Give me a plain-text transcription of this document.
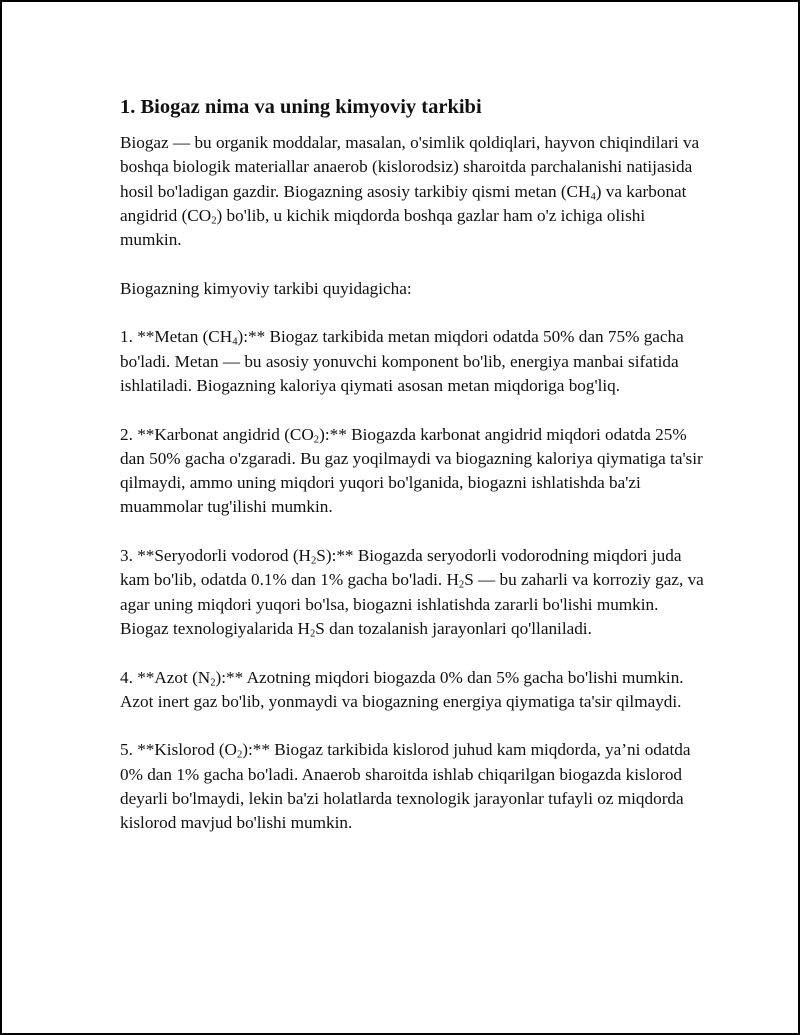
1. Biogaz nima va uning kimyoviy tarkibi

Biogaz — bu organik moddalar, masalan, o'simlik qoldiqlari, hayvon chiqindilari va boshqa biologik materiallar anaerob (kislorodsiz) sharoitda parchalanishi natijasida hosil bo'ladigan gazdir. Biogazning asosiy tarkibiy qismi metan $(CH_4)$ va karbonat angidrid $(CO_2)$ bo'lib, u kichik miqdorda boshqa gazlar ham o'z ichiga olishi mumkin.

Biogazning kimyoviy tarkibi quyidagicha:

1. **Metan $(CH_4):**$ Biogaz tarkibida metan miqdori odatda 50% dan 75% gacha bo'ladi. Metan — bu asosiy yonuvchi komponent bo'lib, energiya manbai sifatida ishlatiladi. Biogazning kaloriya qiymati asosan metan miqdoriga bog'liq.

2. **Karbonat angidrid $(CO_2):**$ Biogazda karbonat angidrid miqdori odatda 25% dan 50% gacha o'zgaradi. Bu gaz yoqilmaydi va biogazning kaloriya qiymatiga ta'sir qilmaydi, ammo uning miqdori yuqori bo'lganida, biogazni ishlatishda ba'zi muammolar tug'ilishi mumkin.

3. **Seryodorli vodorod $(H_2S):**$ Biogazda seryodorli vodorodning miqdori juda kam bo'lib, odatda 0.1% dan 1% gacha bo'ladi. $H_2S$ — bu zaharli va korroziy gaz, va agar uning miqdori yuqori bo'lsa, biogazni ishlatishda zararli bo'lishi mumkin. Biogaz texnologiyalarida $H_2S$ dan tozalanish jarayonlari qo'llaniladi.

4. **Azot $(N_2):**$ Azotning miqdori biogazda 0% dan 5% gacha bo'lishi mumkin. Azot inert gaz bo'lib, yonmaydi va biogazning energiya qiymatiga ta'sir qilmaydi.

5. **Kislorod $(O_2):**$ Biogaz tarkibida kislorod juhud kam miqdorda, ya’ni odatda 0% dan 1% gacha bo'ladi. Anaerob sharoitda ishlab chiqarilgan biogazda kislorod deyarli bo'lmaydi, lekin ba'zi holatlarda texnologik jarayonlar tufayli oz miqdorda kislorod mavjud bo'lishi mumkin.
